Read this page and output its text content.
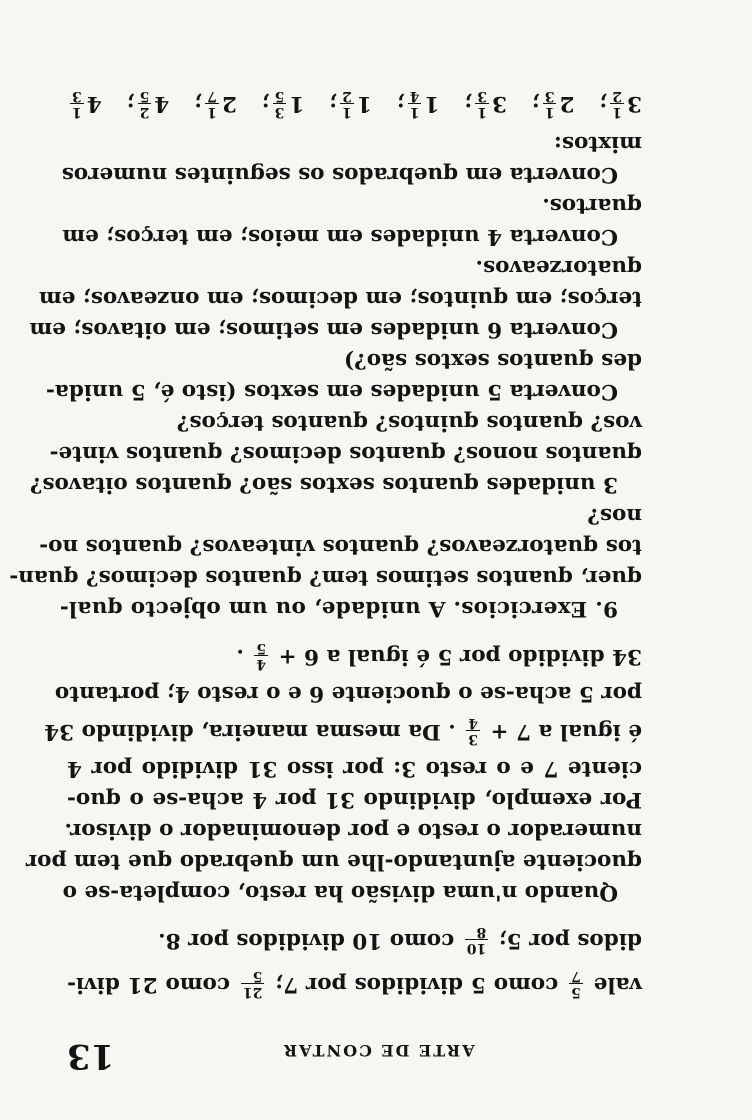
ARTE DE CONTAR
13
vale
5
7
como 5 divididos por 7;
21
5
como 21 divi-
didos por 5;
10
8
como 10 divididos por 8.
Quando n'uma divisão ha resto, completa-se o
quociente ajuntando-lhe um quebrado que tem por
numerador o resto e por denominador o divisor.
Por exemplo, dividindo 31 por 4 acha-se o quo-
ciente 7 e o resto 3: por isso 31 dividido por 4
é igual a 7 +
3
4
. Da mesma maneira, dividindo 34
por 5 acha-se o quociente 6 e o resto 4; portanto
34 dividido por 5 é igual a 6 +
4
5
.
9. Exercicios. A unidade, ou um objecto qual-
quer, quantos setimos tem? quantos decimos? quan-
tos quatorzeavos? quantos vinteavos? quantos no-
nos?
3 unidades quantos sextos são? quantos oitavos?
quantos nonos? quantos decimos? quantos vinte-
vos? quantos quintos? quantos terços?
Converta 5 unidades em sextos (isto é, 5 unida-
des quantos sextos são?)
Converta 6 unidades em setimos; em oitavos; em
terços; em quintos; em decimos; em onzeavos; em
quatorzeavos.
Converta 4 unidades em meios; em terços; em
quartos.
Converta em quebrados os seguintes numeros
mixtos:
3
1
2
;
2
1
3
;
3
1
3
;
1
1
4
;
1
1
2
;
1
3
5
;
2
1
7
;
4
2
5
;
4
1
3
